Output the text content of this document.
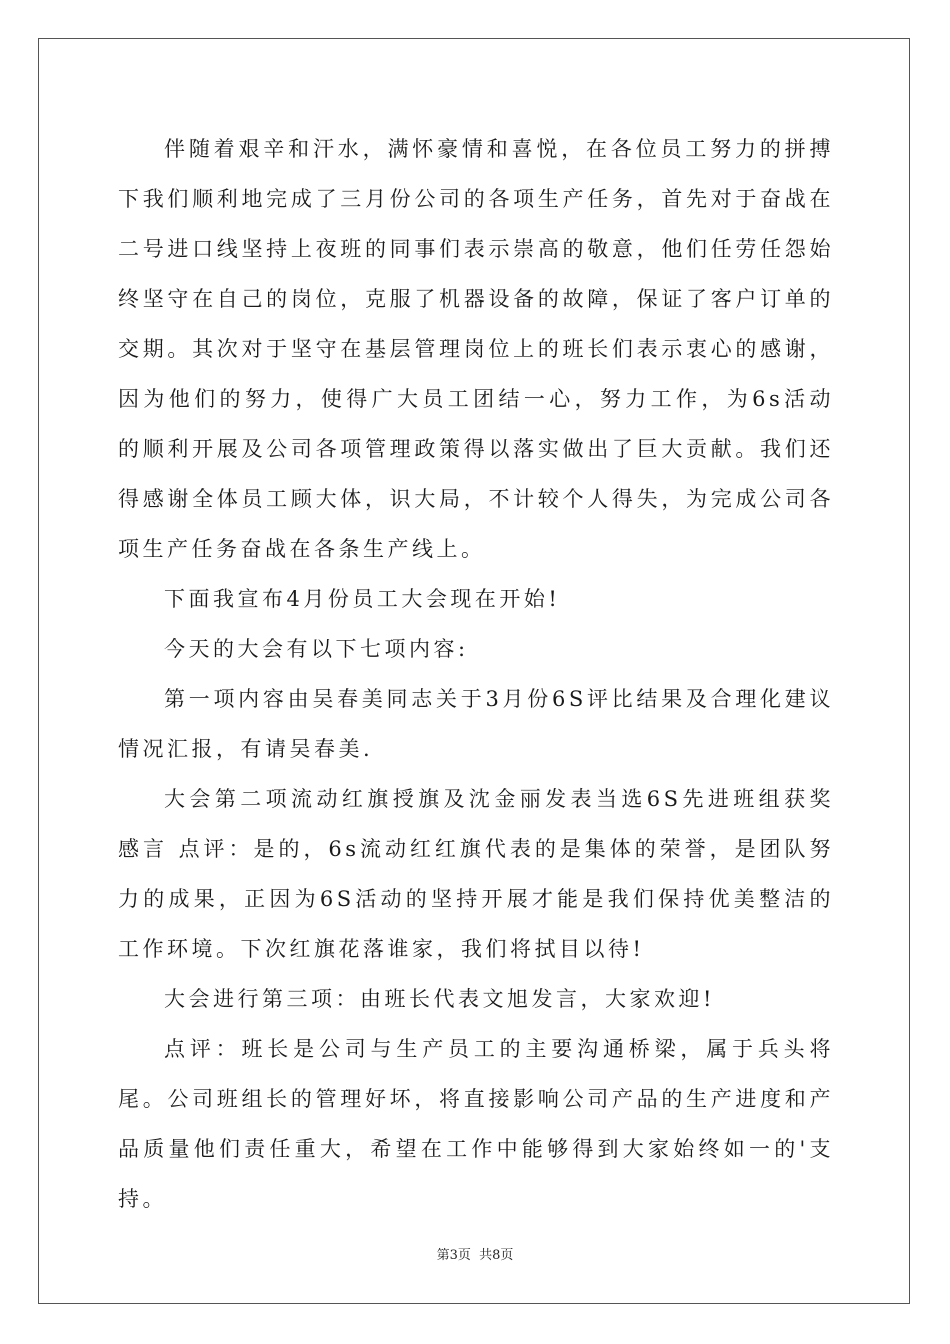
伴随着艰辛和汗水，满怀豪情和喜悦，在各位员工努力的拼搏下我们顺利地完成了三月份公司的各项生产任务，首先对于奋战在二号进口线坚持上夜班的同事们表示崇高的敬意，他们任劳任怨始终坚守在自己的岗位，克服了机器设备的故障，保证了客户订单的交期。其次对于坚守在基层管理岗位上的班长们表示衷心的感谢，因为他们的努力，使得广大员工团结一心，努力工作，为6s活动的顺利开展及公司各项管理政策得以落实做出了巨大贡献。我们还得感谢全体员工顾大体，识大局，不计较个人得失，为完成公司各项生产任务奋战在各条生产线上。

下面我宣布4月份员工大会现在开始!

今天的大会有以下七项内容:

第一项内容由吴春美同志关于3月份6S评比结果及合理化建议情况汇报，有请吴春美.

大会第二项流动红旗授旗及沈金丽发表当选6S先进班组获奖感言 点评：是的，6s流动红红旗代表的是集体的荣誉，是团队努力的成果，正因为6S活动的坚持开展才能是我们保持优美整洁的工作环境。下次红旗花落谁家，我们将拭目以待!

大会进行第三项：由班长代表文旭发言，大家欢迎!

点评：班长是公司与生产员工的主要沟通桥梁，属于兵头将尾。公司班组长的管理好坏，将直接影响公司产品的生产进度和产品质量他们责任重大，希望在工作中能够得到大家始终如一的'支持。

第3页 共8页
